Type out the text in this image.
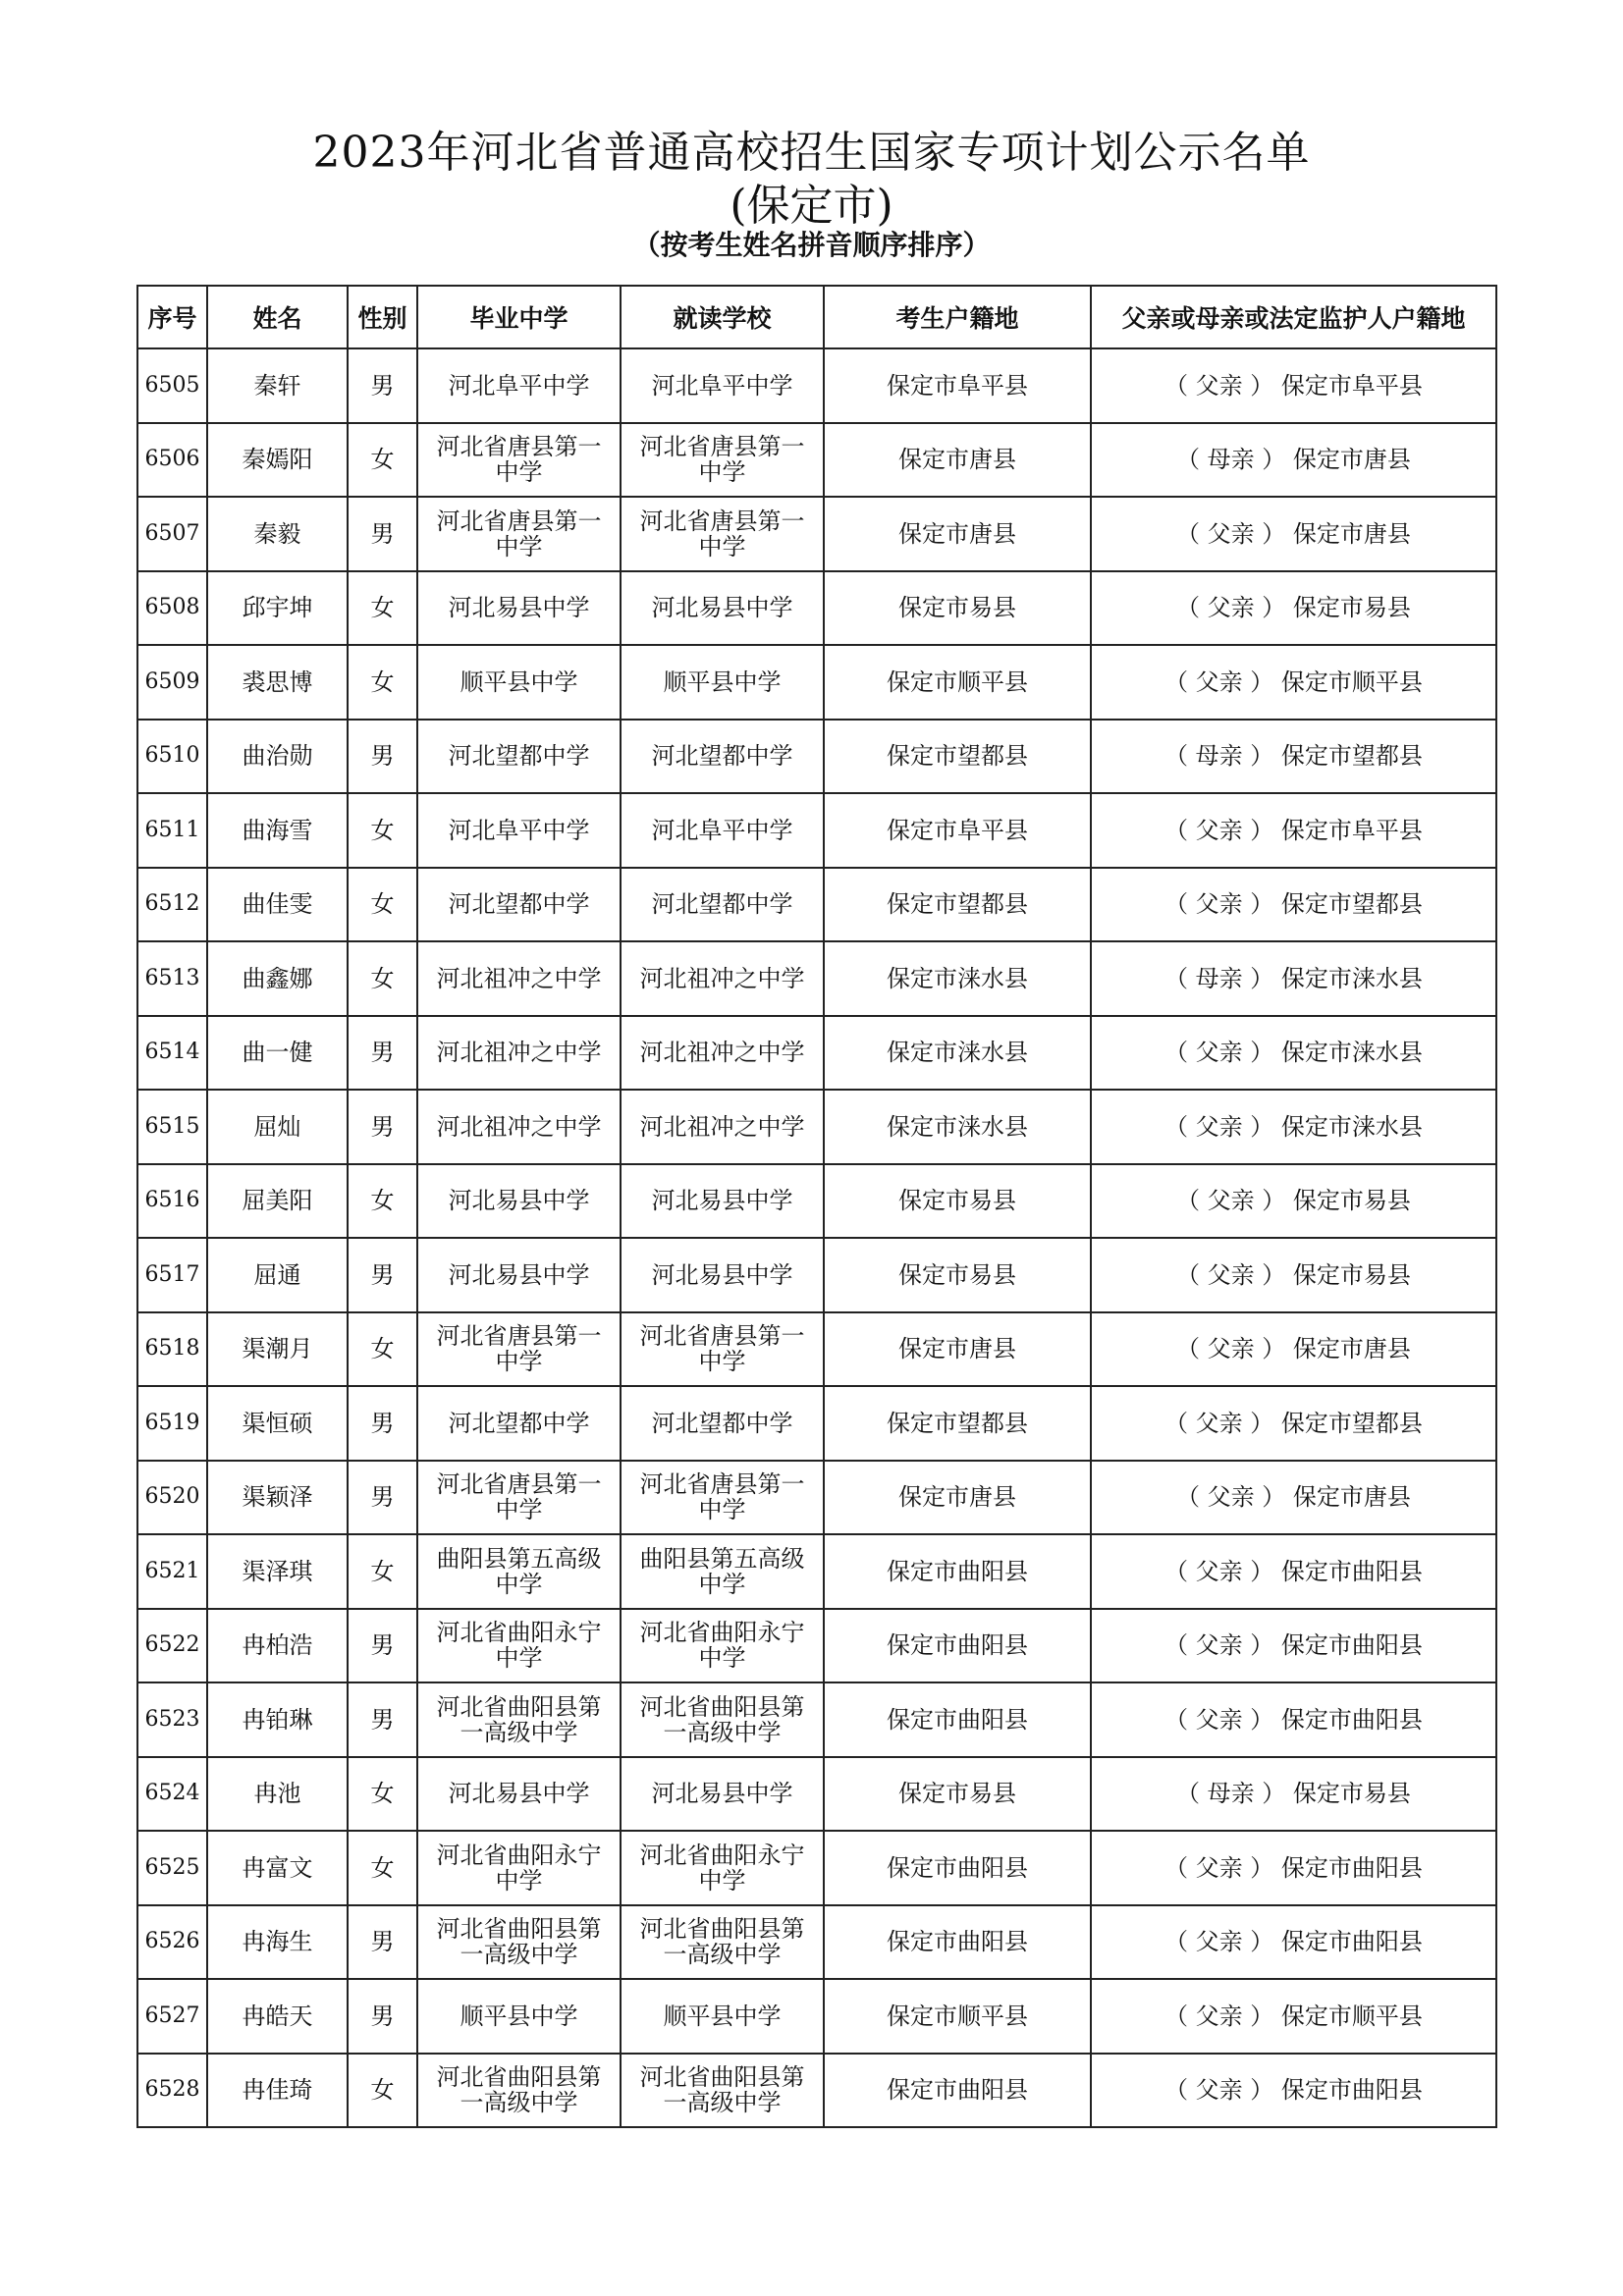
2023年河北省普通高校招生国家专项计划公示名单
(保定市)
（按考生姓名拼音顺序排序）
序号	姓名	性别	毕业中学	就读学校	考生户籍地	父亲或母亲或法定监护人户籍地
6505	秦轩	男	河北阜平中学	河北阜平中学	保定市阜平县	（ 父亲 ） 保定市阜平县
6506	秦嫣阳	女	河北省唐县第一中学	河北省唐县第一中学	保定市唐县	（ 母亲 ） 保定市唐县
6507	秦毅	男	河北省唐县第一中学	河北省唐县第一中学	保定市唐县	（ 父亲 ） 保定市唐县
6508	邱宇坤	女	河北易县中学	河北易县中学	保定市易县	（ 父亲 ） 保定市易县
6509	裘思博	女	顺平县中学	顺平县中学	保定市顺平县	（ 父亲 ） 保定市顺平县
6510	曲治勋	男	河北望都中学	河北望都中学	保定市望都县	（ 母亲 ） 保定市望都县
6511	曲海雪	女	河北阜平中学	河北阜平中学	保定市阜平县	（ 父亲 ） 保定市阜平县
6512	曲佳雯	女	河北望都中学	河北望都中学	保定市望都县	（ 父亲 ） 保定市望都县
6513	曲鑫娜	女	河北祖冲之中学	河北祖冲之中学	保定市涞水县	（ 母亲 ） 保定市涞水县
6514	曲一健	男	河北祖冲之中学	河北祖冲之中学	保定市涞水县	（ 父亲 ） 保定市涞水县
6515	屈灿	男	河北祖冲之中学	河北祖冲之中学	保定市涞水县	（ 父亲 ） 保定市涞水县
6516	屈美阳	女	河北易县中学	河北易县中学	保定市易县	（ 父亲 ） 保定市易县
6517	屈通	男	河北易县中学	河北易县中学	保定市易县	（ 父亲 ） 保定市易县
6518	渠潮月	女	河北省唐县第一中学	河北省唐县第一中学	保定市唐县	（ 父亲 ） 保定市唐县
6519	渠恒硕	男	河北望都中学	河北望都中学	保定市望都县	（ 父亲 ） 保定市望都县
6520	渠颖泽	男	河北省唐县第一中学	河北省唐县第一中学	保定市唐县	（ 父亲 ） 保定市唐县
6521	渠泽琪	女	曲阳县第五高级中学	曲阳县第五高级中学	保定市曲阳县	（ 父亲 ） 保定市曲阳县
6522	冉柏浩	男	河北省曲阳永宁中学	河北省曲阳永宁中学	保定市曲阳县	（ 父亲 ） 保定市曲阳县
6523	冉铂琳	男	河北省曲阳县第一高级中学	河北省曲阳县第一高级中学	保定市曲阳县	（ 父亲 ） 保定市曲阳县
6524	冉池	女	河北易县中学	河北易县中学	保定市易县	（ 母亲 ） 保定市易县
6525	冉富文	女	河北省曲阳永宁中学	河北省曲阳永宁中学	保定市曲阳县	（ 父亲 ） 保定市曲阳县
6526	冉海生	男	河北省曲阳县第一高级中学	河北省曲阳县第一高级中学	保定市曲阳县	（ 父亲 ） 保定市曲阳县
6527	冉皓天	男	顺平县中学	顺平县中学	保定市顺平县	（ 父亲 ） 保定市顺平县
6528	冉佳琦	女	河北省曲阳县第一高级中学	河北省曲阳县第一高级中学	保定市曲阳县	（ 父亲 ） 保定市曲阳县
